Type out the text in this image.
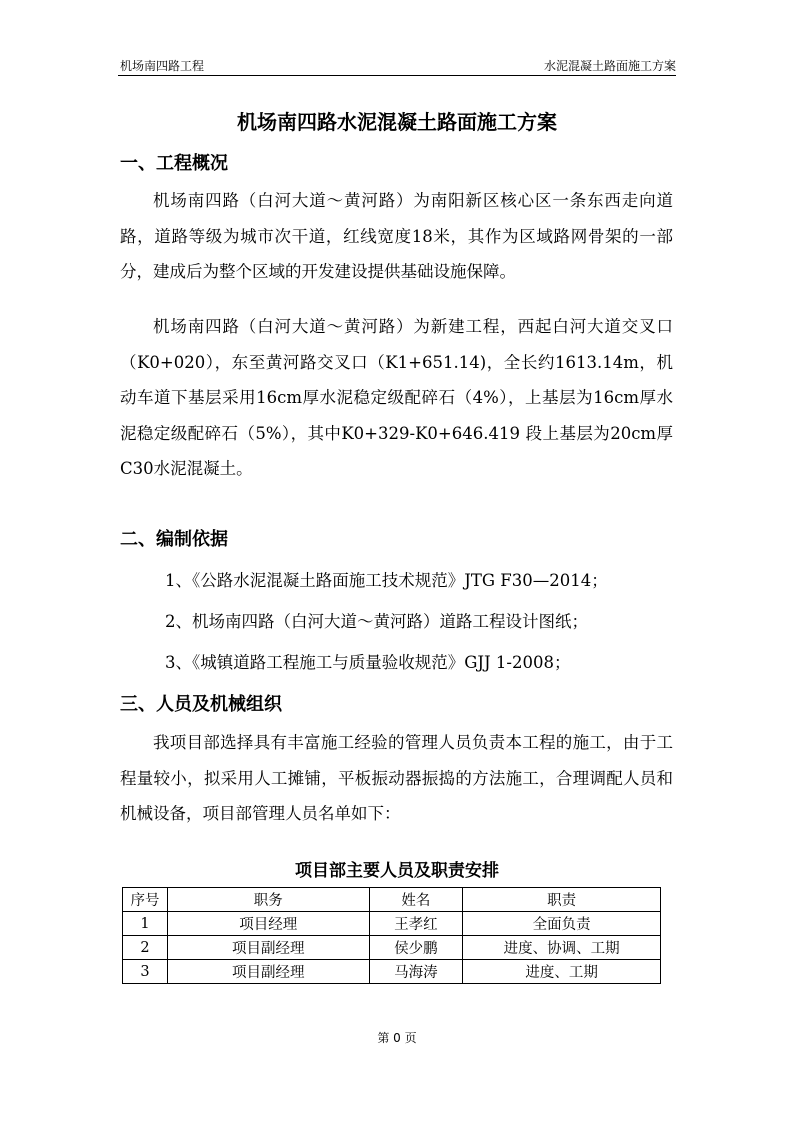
机场南四路工程	水泥混凝土路面施工方案
机场南四路水泥混凝土路面施工方案
一、工程概况

机场南四路（白河大道～黄河路）为南阳新区核心区一条东西走向道路，道路等级为城市次干道，红线宽度18米，其作为区域路网骨架的一部分，建成后为整个区域的开发建设提供基础设施保障。

机场南四路（白河大道～黄河路）为新建工程，西起白河大道交叉口（K0+020），东至黄河路交叉口（K1+651.14)，全长约1613.14m，机动车道下基层采用16cm厚水泥稳定级配碎石（4%），上基层为16cm厚水泥稳定级配碎石（5%），其中K0+329-K0+646.419 段上基层为20cm厚C30水泥混凝土。

二、编制依据
1、《公路水泥混凝土路面施工技术规范》JTG F30—2014；
2、机场南四路（白河大道～黄河路）道路工程设计图纸；
3、《城镇道路工程施工与质量验收规范》GJJ 1-2008；
三、人员及机械组织

我项目部选择具有丰富施工经验的管理人员负责本工程的施工，由于工程量较小，拟采用人工摊铺，平板振动器振捣的方法施工，合理调配人员和机械设备，项目部管理人员名单如下：

项目部主要人员及职责安排
序号	职务	姓名	职责
1	项目经理	王孝红	全面负责
2	项目副经理	侯少鹏	进度、协调、工期
3	项目副经理	马海涛	进度、工期
第 0 页
